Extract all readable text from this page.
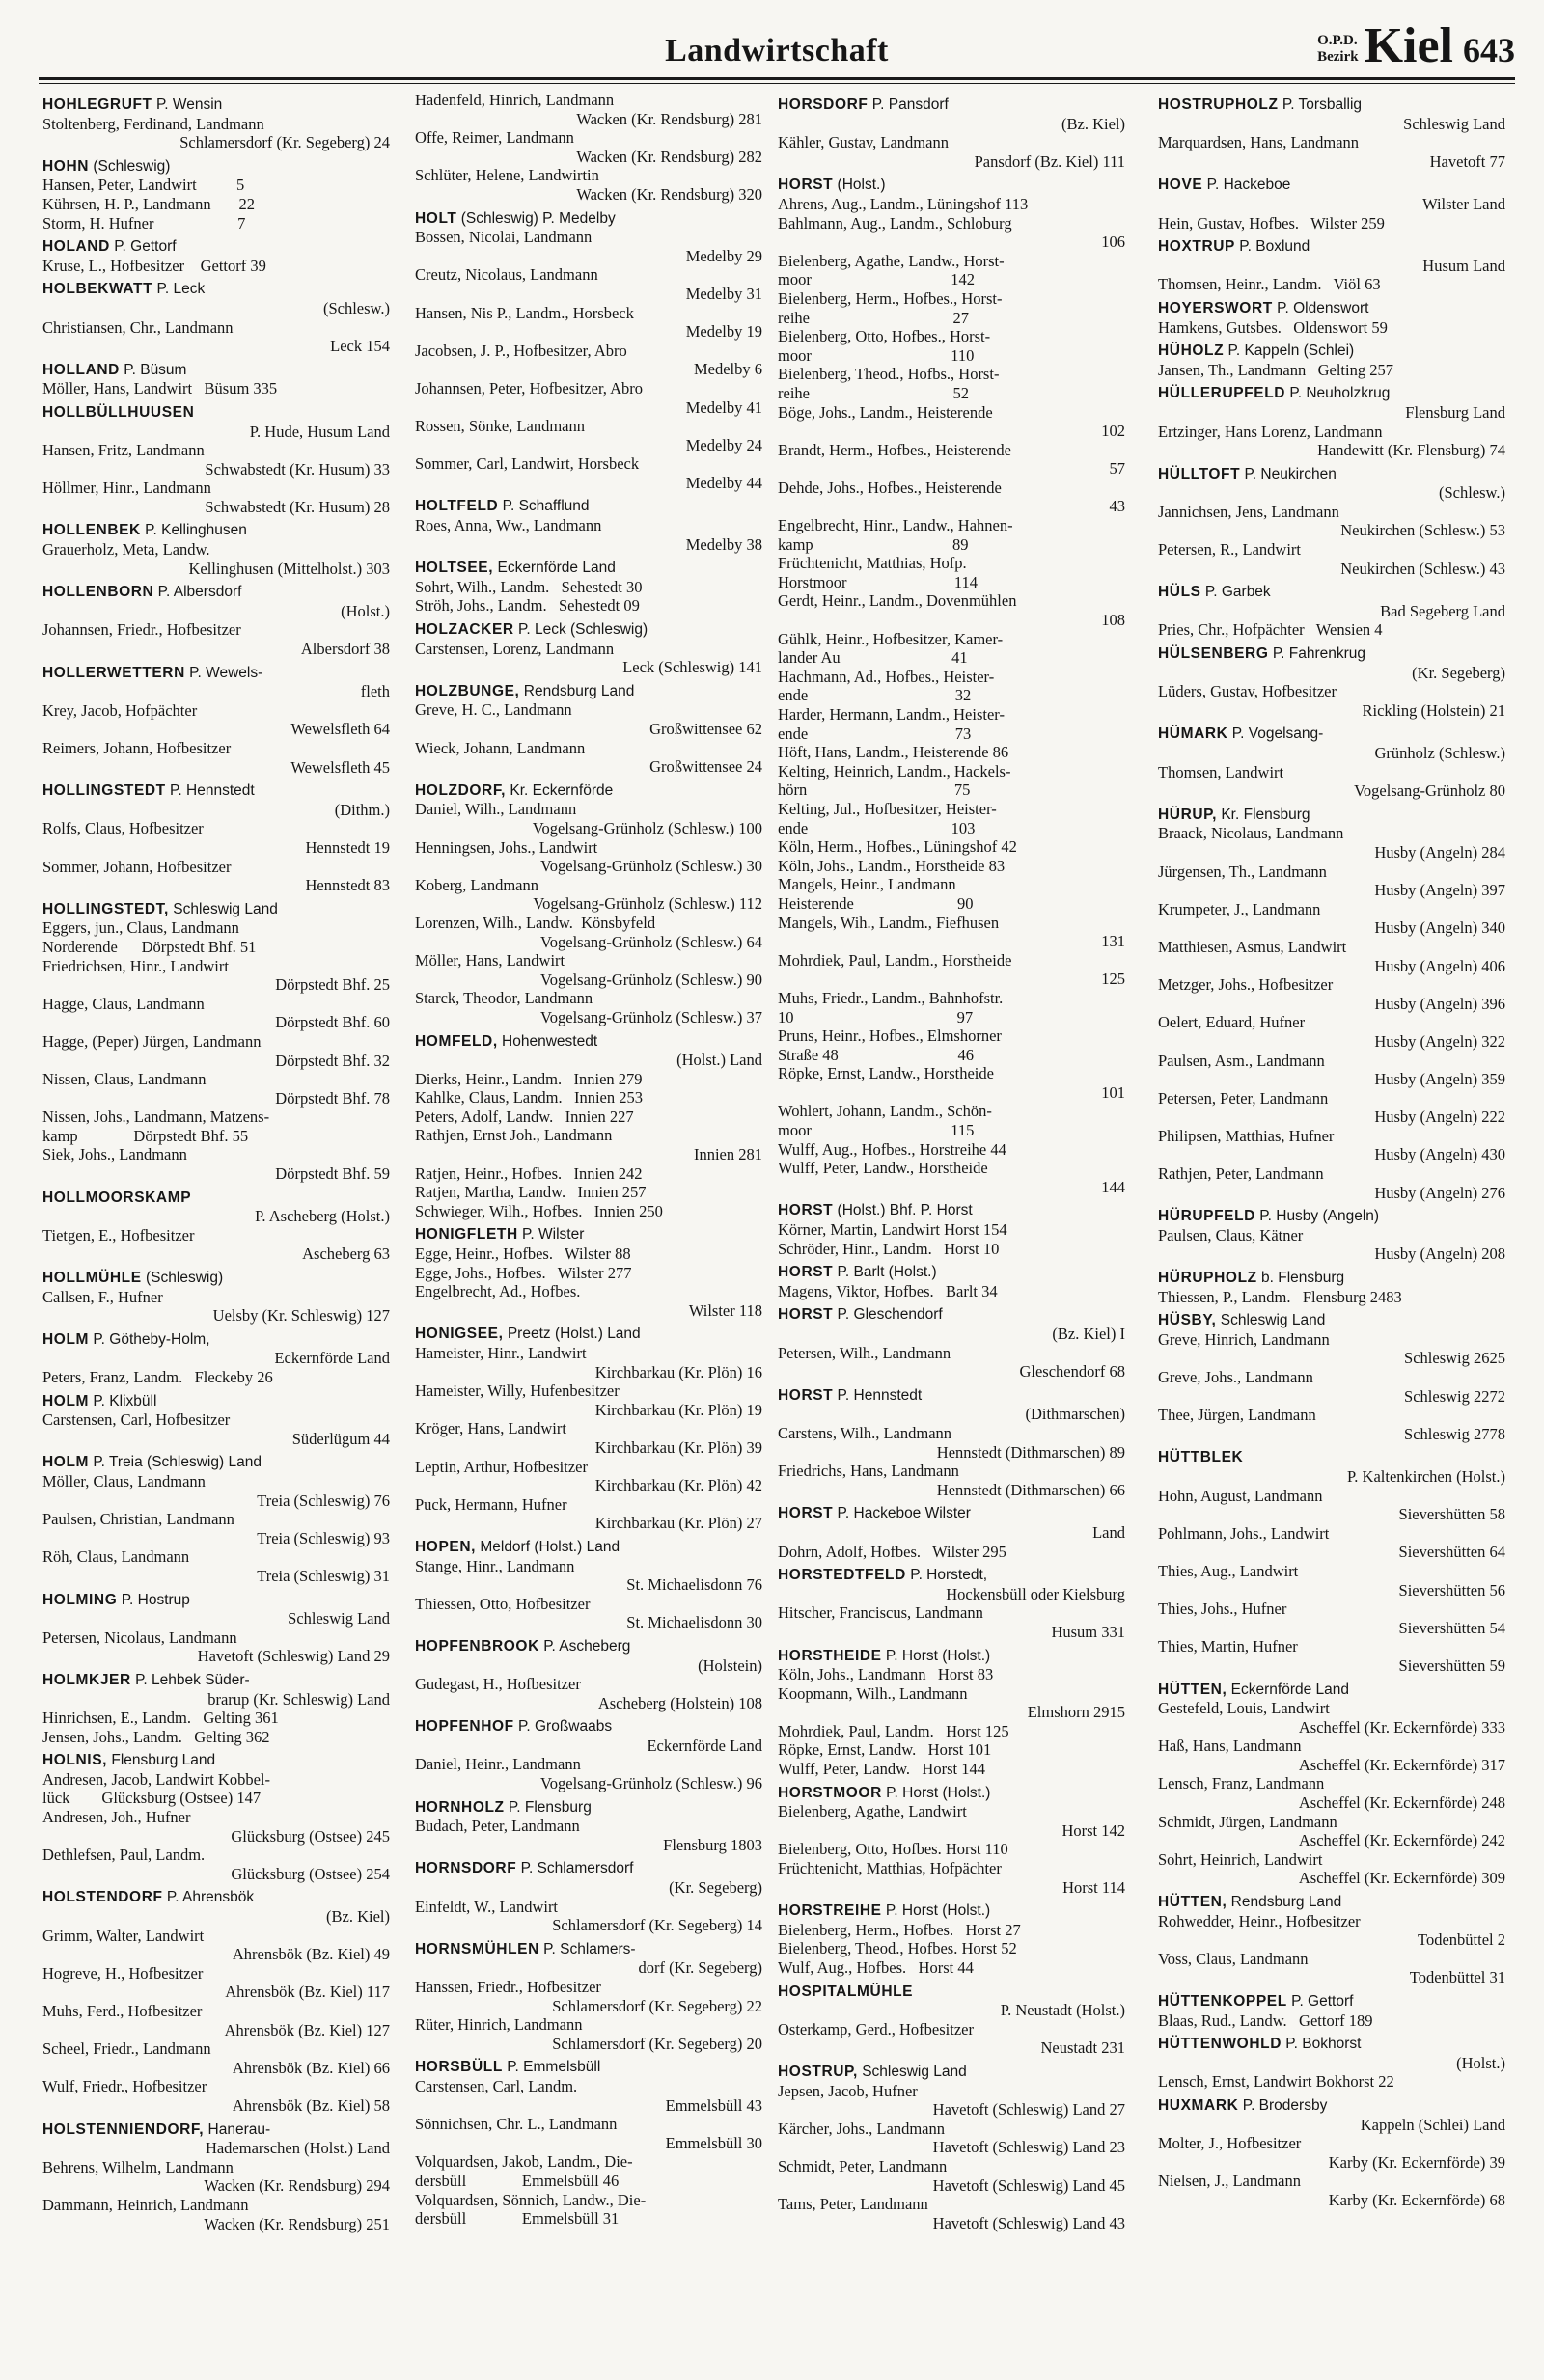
Landwirtschaft	O.P.D.
Bezirk Kiel 643
HOHLEGRUFT P. Wensin
Stoltenberg, Ferdinand, Landmann
Schlamersdorf (Kr. Segeberg) 24
HOHN (Schleswig)
Hansen, Peter, Landwirt          5
Kührsen, H. P., Landmann       22
Storm, H. Hufner                     7
HOLAND P. Gettorf
Kruse, L., Hofbesitzer    Gettorf 39
HOLBEKWATT P. Leck
(Schlesw.)
Christiansen, Chr., Landmann
Leck 154
HOLLAND P. Büsum
Möller, Hans, Landwirt   Büsum 335
HOLLBÜLLHUUSEN
P. Hude, Husum Land
Hansen, Fritz, Landmann
Schwabstedt (Kr. Husum) 33
Höllmer, Hinr., Landmann
Schwabstedt (Kr. Husum) 28
HOLLENBEK P. Kellinghusen
Grauerholz, Meta, Landw.
Kellinghusen (Mittelholst.) 303
HOLLENBORN P. Albersdorf
(Holst.)
Johannsen, Friedr., Hofbesitzer
Albersdorf 38
HOLLERWETTERN P. Wewels-
fleth
Krey, Jacob, Hofpächter
Wewelsfleth 64
Reimers, Johann, Hofbesitzer
Wewelsfleth 45
HOLLINGSTEDT P. Hennstedt
(Dithm.)
Rolfs, Claus, Hofbesitzer
Hennstedt 19
Sommer, Johann, Hofbesitzer
Hennstedt 83
HOLLINGSTEDT, Schleswig Land
Eggers, jun., Claus, Landmann
Norderende      Dörpstedt Bhf. 51
Friedrichsen, Hinr., Landwirt
Dörpstedt Bhf. 25
Hagge, Claus, Landmann
Dörpstedt Bhf. 60
Hagge, (Peper) Jürgen, Landmann
Dörpstedt Bhf. 32
Nissen, Claus, Landmann
Dörpstedt Bhf. 78
Nissen, Johs., Landmann, Matzens-
kamp              Dörpstedt Bhf. 55
Siek, Johs., Landmann
Dörpstedt Bhf. 59
HOLLMOORSKAMP
P. Ascheberg (Holst.)
Tietgen, E., Hofbesitzer
Ascheberg 63
HOLLMÜHLE (Schleswig)
Callsen, F., Hufner
Uelsby (Kr. Schleswig) 127
HOLM P. Götheby-Holm,
Eckernförde Land
Peters, Franz, Landm.   Fleckeby 26
HOLM P. Klixbüll
Carstensen, Carl, Hofbesitzer
Süderlügum 44
HOLM P. Treia (Schleswig) Land
Möller, Claus, Landmann
Treia (Schleswig) 76
Paulsen, Christian, Landmann
Treia (Schleswig) 93
Röh, Claus, Landmann
Treia (Schleswig) 31
HOLMING P. Hostrup
Schleswig Land
Petersen, Nicolaus, Landmann
Havetoft (Schleswig) Land 29
HOLMKJER P. Lehbek Süder-
brarup (Kr. Schleswig) Land
Hinrichsen, E., Landm.   Gelting 361
Jensen, Johs., Landm.   Gelting 362
HOLNIS, Flensburg Land
Andresen, Jacob, Landwirt Kobbel-
lück        Glücksburg (Ostsee) 147
Andresen, Joh., Hufner
Glücksburg (Ostsee) 245
Dethlefsen, Paul, Landm.
Glücksburg (Ostsee) 254
HOLSTENDORF P. Ahrensbök
(Bz. Kiel)
Grimm, Walter, Landwirt
Ahrensbök (Bz. Kiel) 49
Hogreve, H., Hofbesitzer
Ahrensbök (Bz. Kiel) 117
Muhs, Ferd., Hofbesitzer
Ahrensbök (Bz. Kiel) 127
Scheel, Friedr., Landmann
Ahrensbök (Bz. Kiel) 66
Wulf, Friedr., Hofbesitzer
Ahrensbök (Bz. Kiel) 58
HOLSTENNIENDORF, Hanerau-
Hademarschen (Holst.) Land
Behrens, Wilhelm, Landmann
Wacken (Kr. Rendsburg) 294
Dammann, Heinrich, Landmann
Wacken (Kr. Rendsburg) 251
Hadenfeld, Hinrich, Landmann
Wacken (Kr. Rendsburg) 281
Offe, Reimer, Landmann
Wacken (Kr. Rendsburg) 282
Schlüter, Helene, Landwirtin
Wacken (Kr. Rendsburg) 320
HOLT (Schleswig) P. Medelby
Bossen, Nicolai, Landmann
Medelby 29
Creutz, Nicolaus, Landmann
Medelby 31
Hansen, Nis P., Landm., Horsbeck
Medelby 19
Jacobsen, J. P., Hofbesitzer, Abro
Medelby 6
Johannsen, Peter, Hofbesitzer, Abro
Medelby 41
Rossen, Sönke, Landmann
Medelby 24
Sommer, Carl, Landwirt, Horsbeck
Medelby 44
HOLTFELD P. Schafflund
Roes, Anna, Ww., Landmann
Medelby 38
HOLTSEE, Eckernförde Land
Sohrt, Wilh., Landm.   Sehestedt 30
Ströh, Johs., Landm.   Sehestedt 09
HOLZACKER P. Leck (Schleswig)
Carstensen, Lorenz, Landmann
Leck (Schleswig) 141
HOLZBUNGE, Rendsburg Land
Greve, H. C., Landmann
Großwittensee 62
Wieck, Johann, Landmann
Großwittensee 24
HOLZDORF, Kr. Eckernförde
Daniel, Wilh., Landmann
Vogelsang-Grünholz (Schlesw.) 100
Henningsen, Johs., Landwirt
Vogelsang-Grünholz (Schlesw.) 30
Koberg, Landmann
Vogelsang-Grünholz (Schlesw.) 112
Lorenzen, Wilh., Landw.  Könsbyfeld
Vogelsang-Grünholz (Schlesw.) 64
Möller, Hans, Landwirt
Vogelsang-Grünholz (Schlesw.) 90
Starck, Theodor, Landmann
Vogelsang-Grünholz (Schlesw.) 37
HOMFELD, Hohenwestedt
(Holst.) Land
Dierks, Heinr., Landm.   Innien 279
Kahlke, Claus, Landm.   Innien 253
Peters, Adolf, Landw.   Innien 227
Rathjen, Ernst Joh., Landmann
Innien 281
Ratjen, Heinr., Hofbes.   Innien 242
Ratjen, Martha, Landw.   Innien 257
Schwieger, Wilh., Hofbes.   Innien 250
HONIGFLETH P. Wilster
Egge, Heinr., Hofbes.   Wilster 88
Egge, Johs., Hofbes.   Wilster 277
Engelbrecht, Ad., Hofbes.
Wilster 118
HONIGSEE, Preetz (Holst.) Land
Hameister, Hinr., Landwirt
Kirchbarkau (Kr. Plön) 16
Hameister, Willy, Hufenbesitzer
Kirchbarkau (Kr. Plön) 19
Kröger, Hans, Landwirt
Kirchbarkau (Kr. Plön) 39
Leptin, Arthur, Hofbesitzer
Kirchbarkau (Kr. Plön) 42
Puck, Hermann, Hufner
Kirchbarkau (Kr. Plön) 27
HOPEN, Meldorf (Holst.) Land
Stange, Hinr., Landmann
St. Michaelisdonn 76
Thiessen, Otto, Hofbesitzer
St. Michaelisdonn 30
HOPFENBROOK P. Ascheberg
(Holstein)
Gudegast, H., Hofbesitzer
Ascheberg (Holstein) 108
HOPFENHOF P. Großwaabs
Eckernförde Land
Daniel, Heinr., Landmann
Vogelsang-Grünholz (Schlesw.) 96
HORNHOLZ P. Flensburg
Budach, Peter, Landmann
Flensburg 1803
HORNSDORF P. Schlamersdorf
(Kr. Segeberg)
Einfeldt, W., Landwirt
Schlamersdorf (Kr. Segeberg) 14
HORNSMÜHLEN P. Schlamers-
dorf (Kr. Segeberg)
Hanssen, Friedr., Hofbesitzer
Schlamersdorf (Kr. Segeberg) 22
Rüter, Hinrich, Landmann
Schlamersdorf (Kr. Segeberg) 20
HORSBÜLL P. Emmelsbüll
Carstensen, Carl, Landm.
Emmelsbüll 43
Sönnichsen, Chr. L., Landmann
Emmelsbüll 30
Volquardsen, Jakob, Landm., Die-
dersbüll              Emmelsbüll 46
Volquardsen, Sönnich, Landw., Die-
dersbüll              Emmelsbüll 31
HORSDORF P. Pansdorf
(Bz. Kiel)
Kähler, Gustav, Landmann
Pansdorf (Bz. Kiel) 111
HORST (Holst.)
Ahrens, Aug., Landm., Lüningshof 113
Bahlmann, Aug., Landm., Schloburg
106
Bielenberg, Agathe, Landw., Horst-
moor                                   142
Bielenberg, Herm., Hofbes., Horst-
reihe                                    27
Bielenberg, Otto, Hofbes., Horst-
moor                                   110
Bielenberg, Theod., Hofbs., Horst-
reihe                                    52
Böge, Johs., Landm., Heisterende
102
Brandt, Herm., Hofbes., Heisterende
57
Dehde, Johs., Hofbes., Heisterende
43
Engelbrecht, Hinr., Landw., Hahnen-
kamp                                   89
Früchtenicht, Matthias, Hofp.
Horstmoor                           114
Gerdt, Heinr., Landm., Dovenmühlen
108
Gühlk, Heinr., Hofbesitzer, Kamer-
lander Au                            41
Hachmann, Ad., Hofbes., Heister-
ende                                     32
Harder, Hermann, Landm., Heister-
ende                                     73
Höft, Hans, Landm., Heisterende 86
Kelting, Heinrich, Landm., Hackels-
hörn                                     75
Kelting, Jul., Hofbesitzer, Heister-
ende                                    103
Köln, Herm., Hofbes., Lüningshof 42
Köln, Johs., Landm., Horstheide 83
Mangels, Heinr., Landmann
Heisterende                          90
Mangels, Wih., Landm., Fiefhusen
131
Mohrdiek, Paul, Landm., Horstheide
125
Muhs, Friedr., Landm., Bahnhofstr.
10                                         97
Pruns, Heinr., Hofbes., Elmshorner
Straße 48                              46
Röpke, Ernst, Landw., Horstheide
101
Wohlert, Johann, Landm., Schön-
moor                                   115
Wulff, Aug., Hofbes., Horstreihe 44
Wulff, Peter, Landw., Horstheide
144
HORST (Holst.) Bhf. P. Horst
Körner, Martin, Landwirt Horst 154
Schröder, Hinr., Landm.   Horst 10
HORST P. Barlt (Holst.)
Magens, Viktor, Hofbes.   Barlt 34
HORST P. Gleschendorf
(Bz. Kiel) I
Petersen, Wilh., Landmann
Gleschendorf 68
HORST P. Hennstedt
(Dithmarschen)
Carstens, Wilh., Landmann
Hennstedt (Dithmarschen) 89
Friedrichs, Hans, Landmann
Hennstedt (Dithmarschen) 66
HORST P. Hackeboe Wilster
Land
Dohrn, Adolf, Hofbes.   Wilster 295
HORSTEDTFELD P. Horstedt,
Hockensbüll oder Kielsburg
Hitscher, Franciscus, Landmann
Husum 331
HORSTHEIDE P. Horst (Holst.)
Köln, Johs., Landmann   Horst 83
Koopmann, Wilh., Landmann
Elmshorn 2915
Mohrdiek, Paul, Landm.   Horst 125
Röpke, Ernst, Landw.   Horst 101
Wulff, Peter, Landw.   Horst 144
HORSTMOOR P. Horst (Holst.)
Bielenberg, Agathe, Landwirt
Horst 142
Bielenberg, Otto, Hofbes. Horst 110
Früchtenicht, Matthias, Hofpächter
Horst 114
HORSTREIHE P. Horst (Holst.)
Bielenberg, Herm., Hofbes.   Horst 27
Bielenberg, Theod., Hofbes. Horst 52
Wulf, Aug., Hofbes.   Horst 44
HOSPITALMÜHLE
P. Neustadt (Holst.)
Osterkamp, Gerd., Hofbesitzer
Neustadt 231
HOSTRUP, Schleswig Land
Jepsen, Jacob, Hufner
Havetoft (Schleswig) Land 27
Kärcher, Johs., Landmann
Havetoft (Schleswig) Land 23
Schmidt, Peter, Landmann
Havetoft (Schleswig) Land 45
Tams, Peter, Landmann
Havetoft (Schleswig) Land 43
HOSTRUPHOLZ P. Torsballig
Schleswig Land
Marquardsen, Hans, Landmann
Havetoft 77
HOVE P. Hackeboe
Wilster Land
Hein, Gustav, Hofbes.   Wilster 259
HOXTRUP P. Boxlund
Husum Land
Thomsen, Heinr., Landm.   Viöl 63
HOYERSWORT P. Oldenswort
Hamkens, Gutsbes.   Oldenswort 59
HÜHOLZ P. Kappeln (Schlei)
Jansen, Th., Landmann   Gelting 257
HÜLLERUPFELD P. Neuholzkrug
Flensburg Land
Ertzinger, Hans Lorenz, Landmann
Handewitt (Kr. Flensburg) 74
HÜLLTOFT P. Neukirchen
(Schlesw.)
Jannichsen, Jens, Landmann
Neukirchen (Schlesw.) 53
Petersen, R., Landwirt
Neukirchen (Schlesw.) 43
HÜLS P. Garbek
Bad Segeberg Land
Pries, Chr., Hofpächter   Wensien 4
HÜLSENBERG P. Fahrenkrug
(Kr. Segeberg)
Lüders, Gustav, Hofbesitzer
Rickling (Holstein) 21
HÜMARK P. Vogelsang-
Grünholz (Schlesw.)
Thomsen, Landwirt
Vogelsang-Grünholz 80
HÜRUP, Kr. Flensburg
Braack, Nicolaus, Landmann
Husby (Angeln) 284
Jürgensen, Th., Landmann
Husby (Angeln) 397
Krumpeter, J., Landmann
Husby (Angeln) 340
Matthiesen, Asmus, Landwirt
Husby (Angeln) 406
Metzger, Johs., Hofbesitzer
Husby (Angeln) 396
Oelert, Eduard, Hufner
Husby (Angeln) 322
Paulsen, Asm., Landmann
Husby (Angeln) 359
Petersen, Peter, Landmann
Husby (Angeln) 222
Philipsen, Matthias, Hufner
Husby (Angeln) 430
Rathjen, Peter, Landmann
Husby (Angeln) 276
HÜRUPFELD P. Husby (Angeln)
Paulsen, Claus, Kätner
Husby (Angeln) 208
HÜRUPHOLZ b. Flensburg
Thiessen, P., Landm.   Flensburg 2483
HÜSBY, Schleswig Land
Greve, Hinrich, Landmann
Schleswig 2625
Greve, Johs., Landmann
Schleswig 2272
Thee, Jürgen, Landmann
Schleswig 2778
HÜTTBLEK
P. Kaltenkirchen (Holst.)
Hohn, August, Landmann
Sievershütten 58
Pohlmann, Johs., Landwirt
Sievershütten 64
Thies, Aug., Landwirt
Sievershütten 56
Thies, Johs., Hufner
Sievershütten 54
Thies, Martin, Hufner
Sievershütten 59
HÜTTEN, Eckernförde Land
Gestefeld, Louis, Landwirt
Ascheffel (Kr. Eckernförde) 333
Haß, Hans, Landmann
Ascheffel (Kr. Eckernförde) 317
Lensch, Franz, Landmann
Ascheffel (Kr. Eckernförde) 248
Schmidt, Jürgen, Landmann
Ascheffel (Kr. Eckernförde) 242
Sohrt, Heinrich, Landwirt
Ascheffel (Kr. Eckernförde) 309
HÜTTEN, Rendsburg Land
Rohwedder, Heinr., Hofbesitzer
Todenbüttel 2
Voss, Claus, Landmann
Todenbüttel 31
HÜTTENKOPPEL P. Gettorf
Blaas, Rud., Landw.   Gettorf 189
HÜTTENWOHLD P. Bokhorst
(Holst.)
Lensch, Ernst, Landwirt Bokhorst 22
HUXMARK P. Brodersby
Kappeln (Schlei) Land
Molter, J., Hofbesitzer
Karby (Kr. Eckernförde) 39
Nielsen, J., Landmann
Karby (Kr. Eckernförde) 68
